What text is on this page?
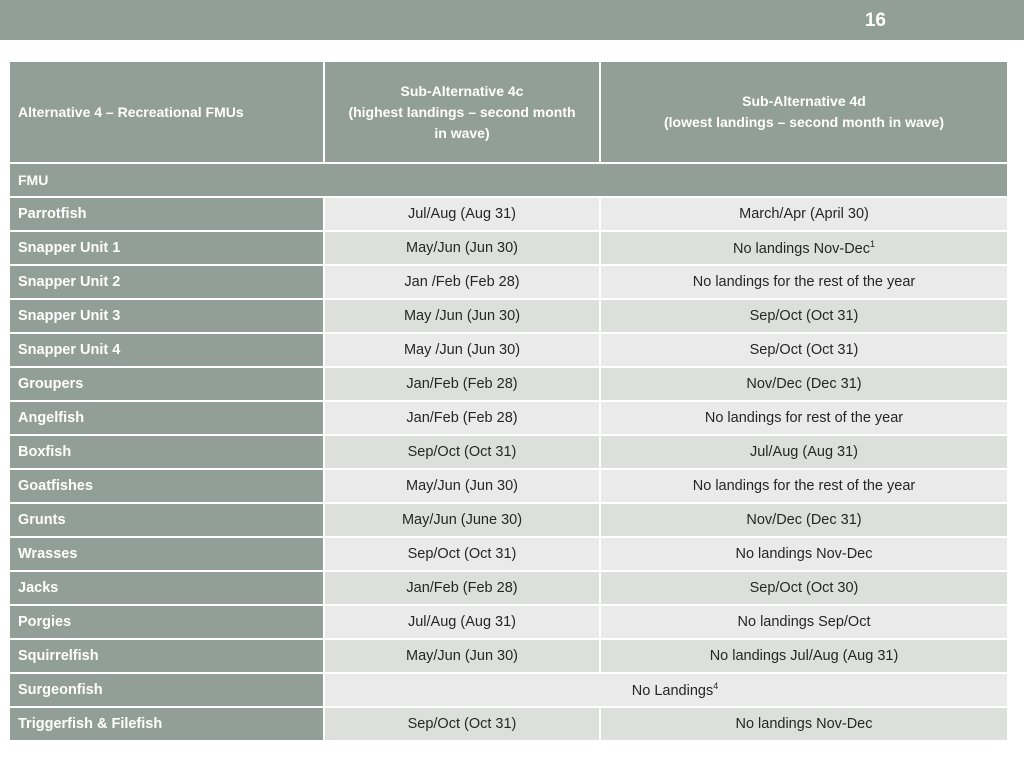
16
Alternative 4 – Recreational FMUs	Sub-Alternative 4c
(highest landings – second month
in wave)	Sub-Alternative 4d
(lowest landings – second month in wave)
FMU		
Parrotfish	Jul/Aug (Aug 31)	March/Apr (April 30)
Snapper Unit 1	May/Jun (Jun 30)	No landings Nov-Dec$^1$
Snapper Unit 2	Jan /Feb (Feb 28)	No landings for the rest of the year
Snapper Unit 3	May /Jun (Jun 30)	Sep/Oct (Oct 31)
Snapper Unit 4	May /Jun (Jun 30)	Sep/Oct (Oct 31)
Groupers	Jan/Feb (Feb 28)	Nov/Dec (Dec 31)
Angelfish	Jan/Feb (Feb 28)	No landings for rest of the year
Boxfish	Sep/Oct (Oct 31)	Jul/Aug (Aug 31)
Goatfishes	May/Jun (Jun 30)	No landings for the rest of the year
Grunts	May/Jun (June 30)	Nov/Dec (Dec 31)
Wrasses	Sep/Oct (Oct 31)	No landings Nov-Dec
Jacks	Jan/Feb (Feb 28)	Sep/Oct (Oct 30)
Porgies	Jul/Aug (Aug 31)	No landings Sep/Oct
Squirrelfish	May/Jun (Jun 30)	No landings Jul/Aug (Aug 31)
Surgeonfish	No Landings$^4$
Triggerfish & Filefish	Sep/Oct (Oct 31)	No landings Nov-Dec
